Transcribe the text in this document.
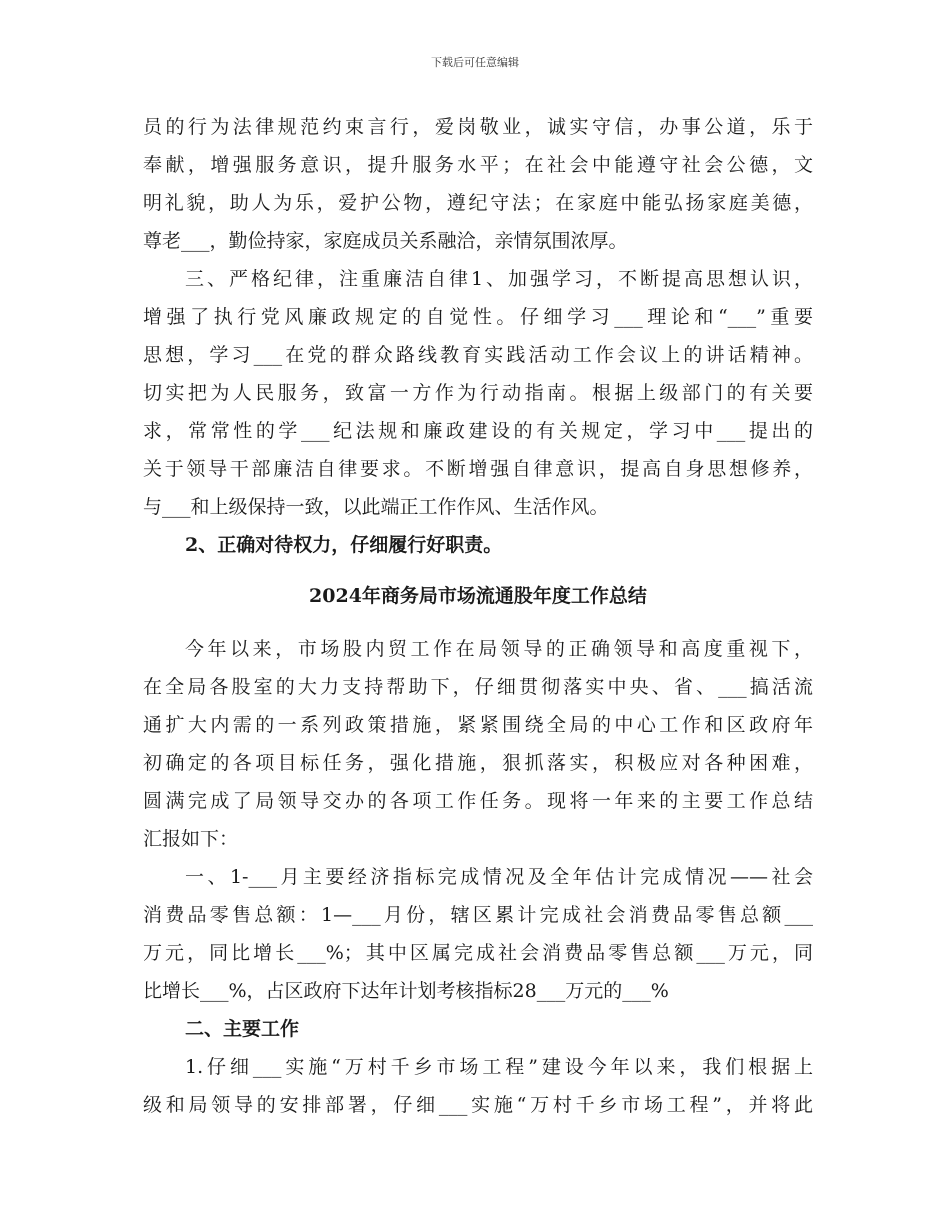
下载后可任意编辑
员的行为法律规范约束言行，爱岗敬业，诚实守信，办事公道，乐于
奉献，增强服务意识，提升服务水平；在社会中能遵守社会公德，文
明礼貌，助人为乐，爱护公物，遵纪守法；在家庭中能弘扬家庭美德，
尊老___，勤俭持家，家庭成员关系融洽，亲情氛围浓厚。
三、严格纪律，注重廉洁自律1、加强学习，不断提高思想认识，
增强了执行党风廉政规定的自觉性。仔细学习___理论和“___”重要
思想，学习___在党的群众路线教育实践活动工作会议上的讲话精神。
切实把为人民服务，致富一方作为行动指南。根据上级部门的有关要
求，常常性的学___纪法规和廉政建设的有关规定，学习中___提出的
关于领导干部廉洁自律要求。不断增强自律意识，提高自身思想修养，
与___和上级保持一致，以此端正工作作风、生活作风。
2、正确对待权力，仔细履行好职责。
2024年商务局市场流通股年度工作总结
今年以来，市场股内贸工作在局领导的正确领导和高度重视下，
在全局各股室的大力支持帮助下，仔细贯彻落实中央、省、___搞活流
通扩大内需的一系列政策措施，紧紧围绕全局的中心工作和区政府年
初确定的各项目标任务，强化措施，狠抓落实，积极应对各种困难，
圆满完成了局领导交办的各项工作任务。现将一年来的主要工作总结
汇报如下：
一、1-___月主要经济指标完成情况及全年估计完成情况——社会
消费品零售总额：1—___月份，辖区累计完成社会消费品零售总额___
万元，同比增长___%；其中区属完成社会消费品零售总额___万元，同
比增长___%，占区政府下达年计划考核指标28___万元的___%
二、主要工作
1.仔细___实施“万村千乡市场工程”建设今年以来，我们根据上
级和局领导的安排部署，仔细___实施“万村千乡市场工程”，并将此
